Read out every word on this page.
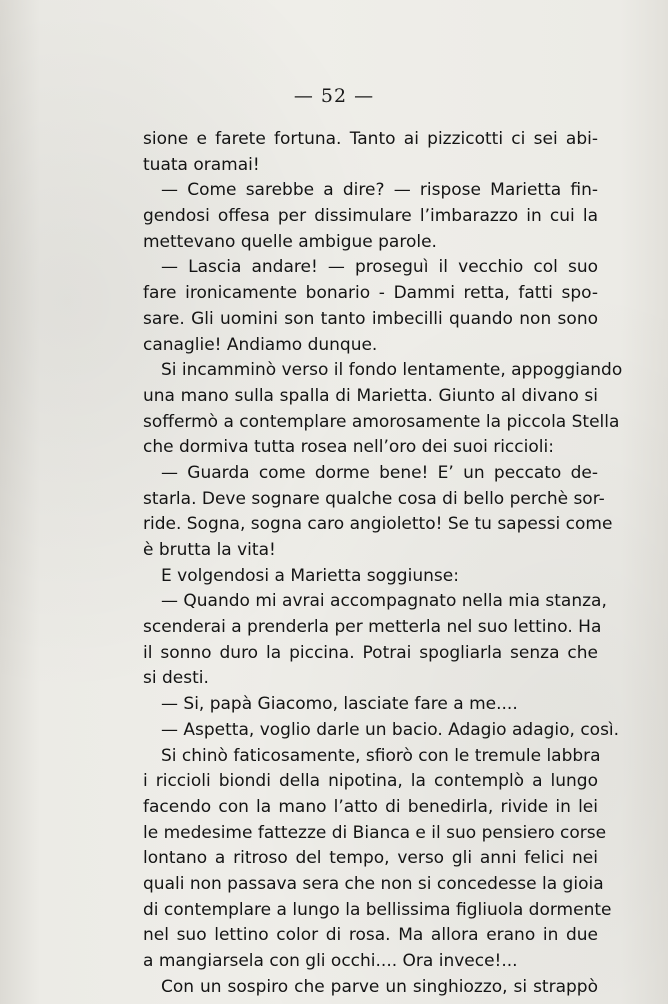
— 52 —
sione e farete fortuna. Tanto ai pizzicotti ci sei abi-
tuata oramai!
— Come sarebbe a dire? — rispose Marietta fin-
gendosi offesa per dissimulare l’imbarazzo in cui la
mettevano quelle ambigue parole.
— Lascia andare! — proseguì il vecchio col suo
fare ironicamente bonario - Dammi retta, fatti spo-
sare. Gli uomini son tanto imbecilli quando non sono
canaglie! Andiamo dunque.
Si incamminò verso il fondo lentamente, appoggiando
una mano sulla spalla di Marietta. Giunto al divano si
soffermò a contemplare amorosamente la piccola Stella
che dormiva tutta rosea nell’oro dei suoi riccioli:
— Guarda come dorme bene! E’ un peccato de-
starla. Deve sognare qualche cosa di bello perchè sor-
ride. Sogna, sogna caro angioletto! Se tu sapessi come
è brutta la vita!
E volgendosi a Marietta soggiunse:
— Quando mi avrai accompagnato nella mia stanza,
scenderai a prenderla per metterla nel suo lettino. Ha
il sonno duro la piccina. Potrai spogliarla senza che
si desti.
— Si, papà Giacomo, lasciate fare a me....
— Aspetta, voglio darle un bacio. Adagio adagio, così.
Si chinò faticosamente, sfiorò con le tremule labbra
i riccioli biondi della nipotina, la contemplò a lungo
facendo con la mano l’atto di benedirla, rivide in lei
le medesime fattezze di Bianca e il suo pensiero corse
lontano a ritroso del tempo, verso gli anni felici nei
quali non passava sera che non si concedesse la gioia
di contemplare a lungo la bellissima figliuola dormente
nel suo lettino color di rosa. Ma allora erano in due
a mangiarsela con gli occhi.... Ora invece!...
Con un sospiro che parve un singhiozzo, si strappò
